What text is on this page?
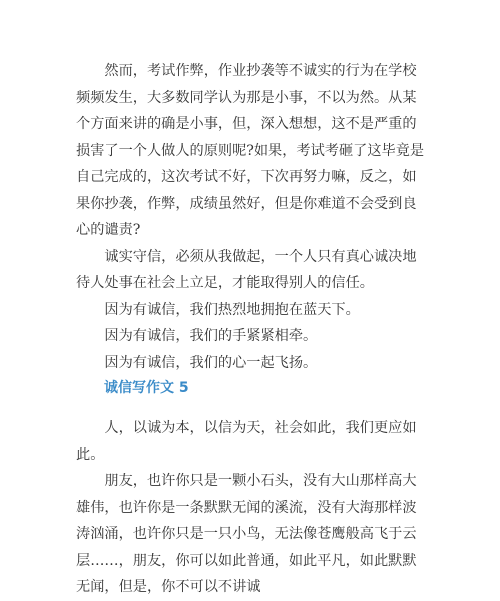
然而，考试作弊，作业抄袭等不诚实的行为在学校频频发生，大多数同学认为那是小事，不以为然。从某个方面来讲的确是小事，但，深入想想，这不是严重的损害了一个人做人的原则呢?如果，考试考砸了这毕竟是自己完成的，这次考试不好，下次再努力嘛，反之，如果你抄袭，作弊，成绩虽然好，但是你难道不会受到良心的谴责?

诚实守信，必须从我做起，一个人只有真心诚决地待人处事在社会上立足，才能取得别人的信任。

因为有诚信，我们热烈地拥抱在蓝天下。

因为有诚信，我们的手紧紧相牵。

因为有诚信，我们的心一起飞扬。

诚信写作文 5

人，以诚为本，以信为天，社会如此，我们更应如此。

朋友，也许你只是一颗小石头，没有大山那样高大雄伟，也许你是一条默默无闻的溪流，没有大海那样波涛汹涌，也许你只是一只小鸟，无法像苍鹰般高飞于云层……，朋友，你可以如此普通，如此平凡，如此默默无闻，但是，你不可以不讲诚
